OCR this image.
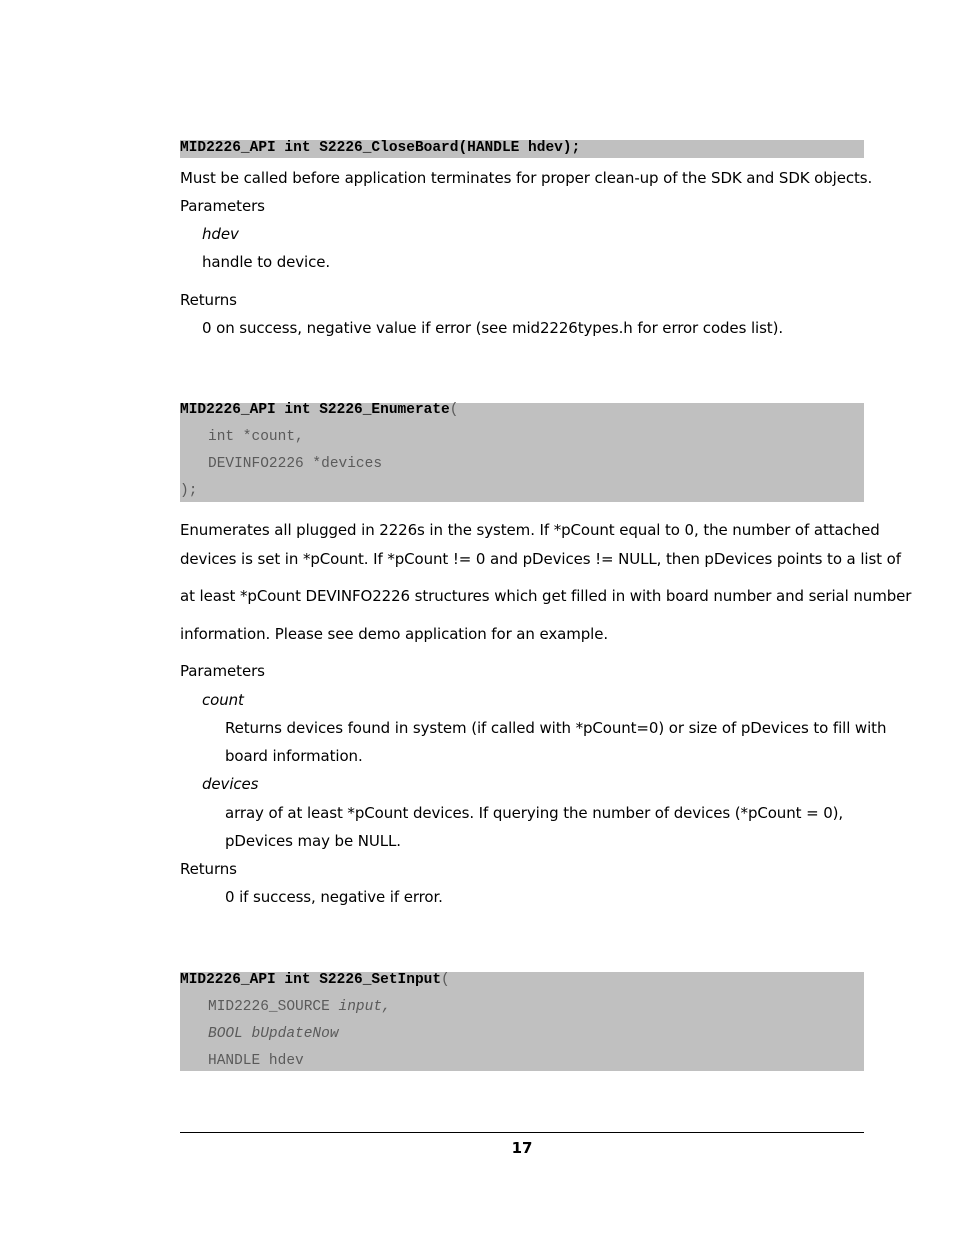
MID2226_API int S2226_CloseBoard(HANDLE hdev);
Must be called before application terminates for proper clean-up of the SDK and SDK objects.
Parameters
hdev
handle to device.
Returns
0 on success, negative value if error (see mid2226types.h for error codes list).
MID2226_API int S2226_Enumerate(
int *count,
DEVINFO2226 *devices
);
Enumerates all plugged in 2226s in the system. If *pCount equal to 0, the number of attached
devices is set in *pCount. If *pCount != 0 and pDevices != NULL, then pDevices points to a list of
at least *pCount DEVINFO2226 structures which get filled in with board number and serial number
information. Please see demo application for an example.
Parameters
count
Returns devices found in system (if called with *pCount=0) or size of pDevices to fill with
board information.
devices
array of at least *pCount devices. If querying the number of devices (*pCount = 0),
pDevices may be NULL.
Returns
0 if success, negative if error.
MID2226_API int S2226_SetInput(
MID2226_SOURCE input,
BOOL bUpdateNow
HANDLE hdev
17
